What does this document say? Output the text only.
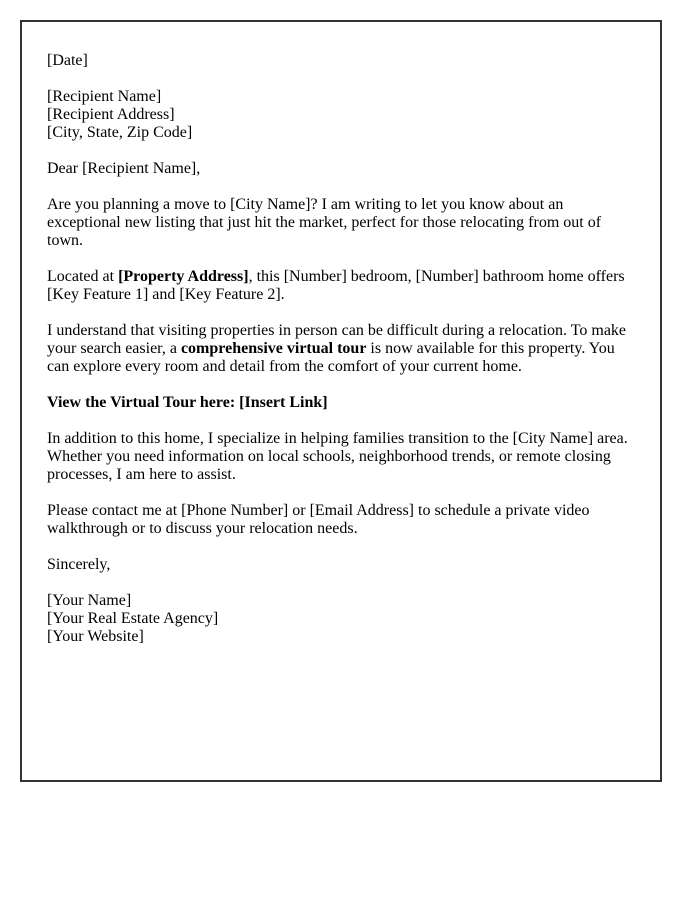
[Date]

[Recipient Name]
[Recipient Address]
[City, State, Zip Code]

Dear [Recipient Name],

Are you planning a move to [City Name]? I am writing to let you know about an exceptional new listing that just hit the market, perfect for those relocating from out of town.

Located at [Property Address], this [Number] bedroom, [Number] bathroom home offers [Key Feature 1] and [Key Feature 2].

I understand that visiting properties in person can be difficult during a relocation. To make your search easier, a comprehensive virtual tour is now available for this property. You can explore every room and detail from the comfort of your current home.

View the Virtual Tour here: [Insert Link]

In addition to this home, I specialize in helping families transition to the [City Name] area. Whether you need information on local schools, neighborhood trends, or remote closing processes, I am here to assist.

Please contact me at [Phone Number] or [Email Address] to schedule a private video walkthrough or to discuss your relocation needs.

Sincerely,

[Your Name]
[Your Real Estate Agency]
[Your Website]
